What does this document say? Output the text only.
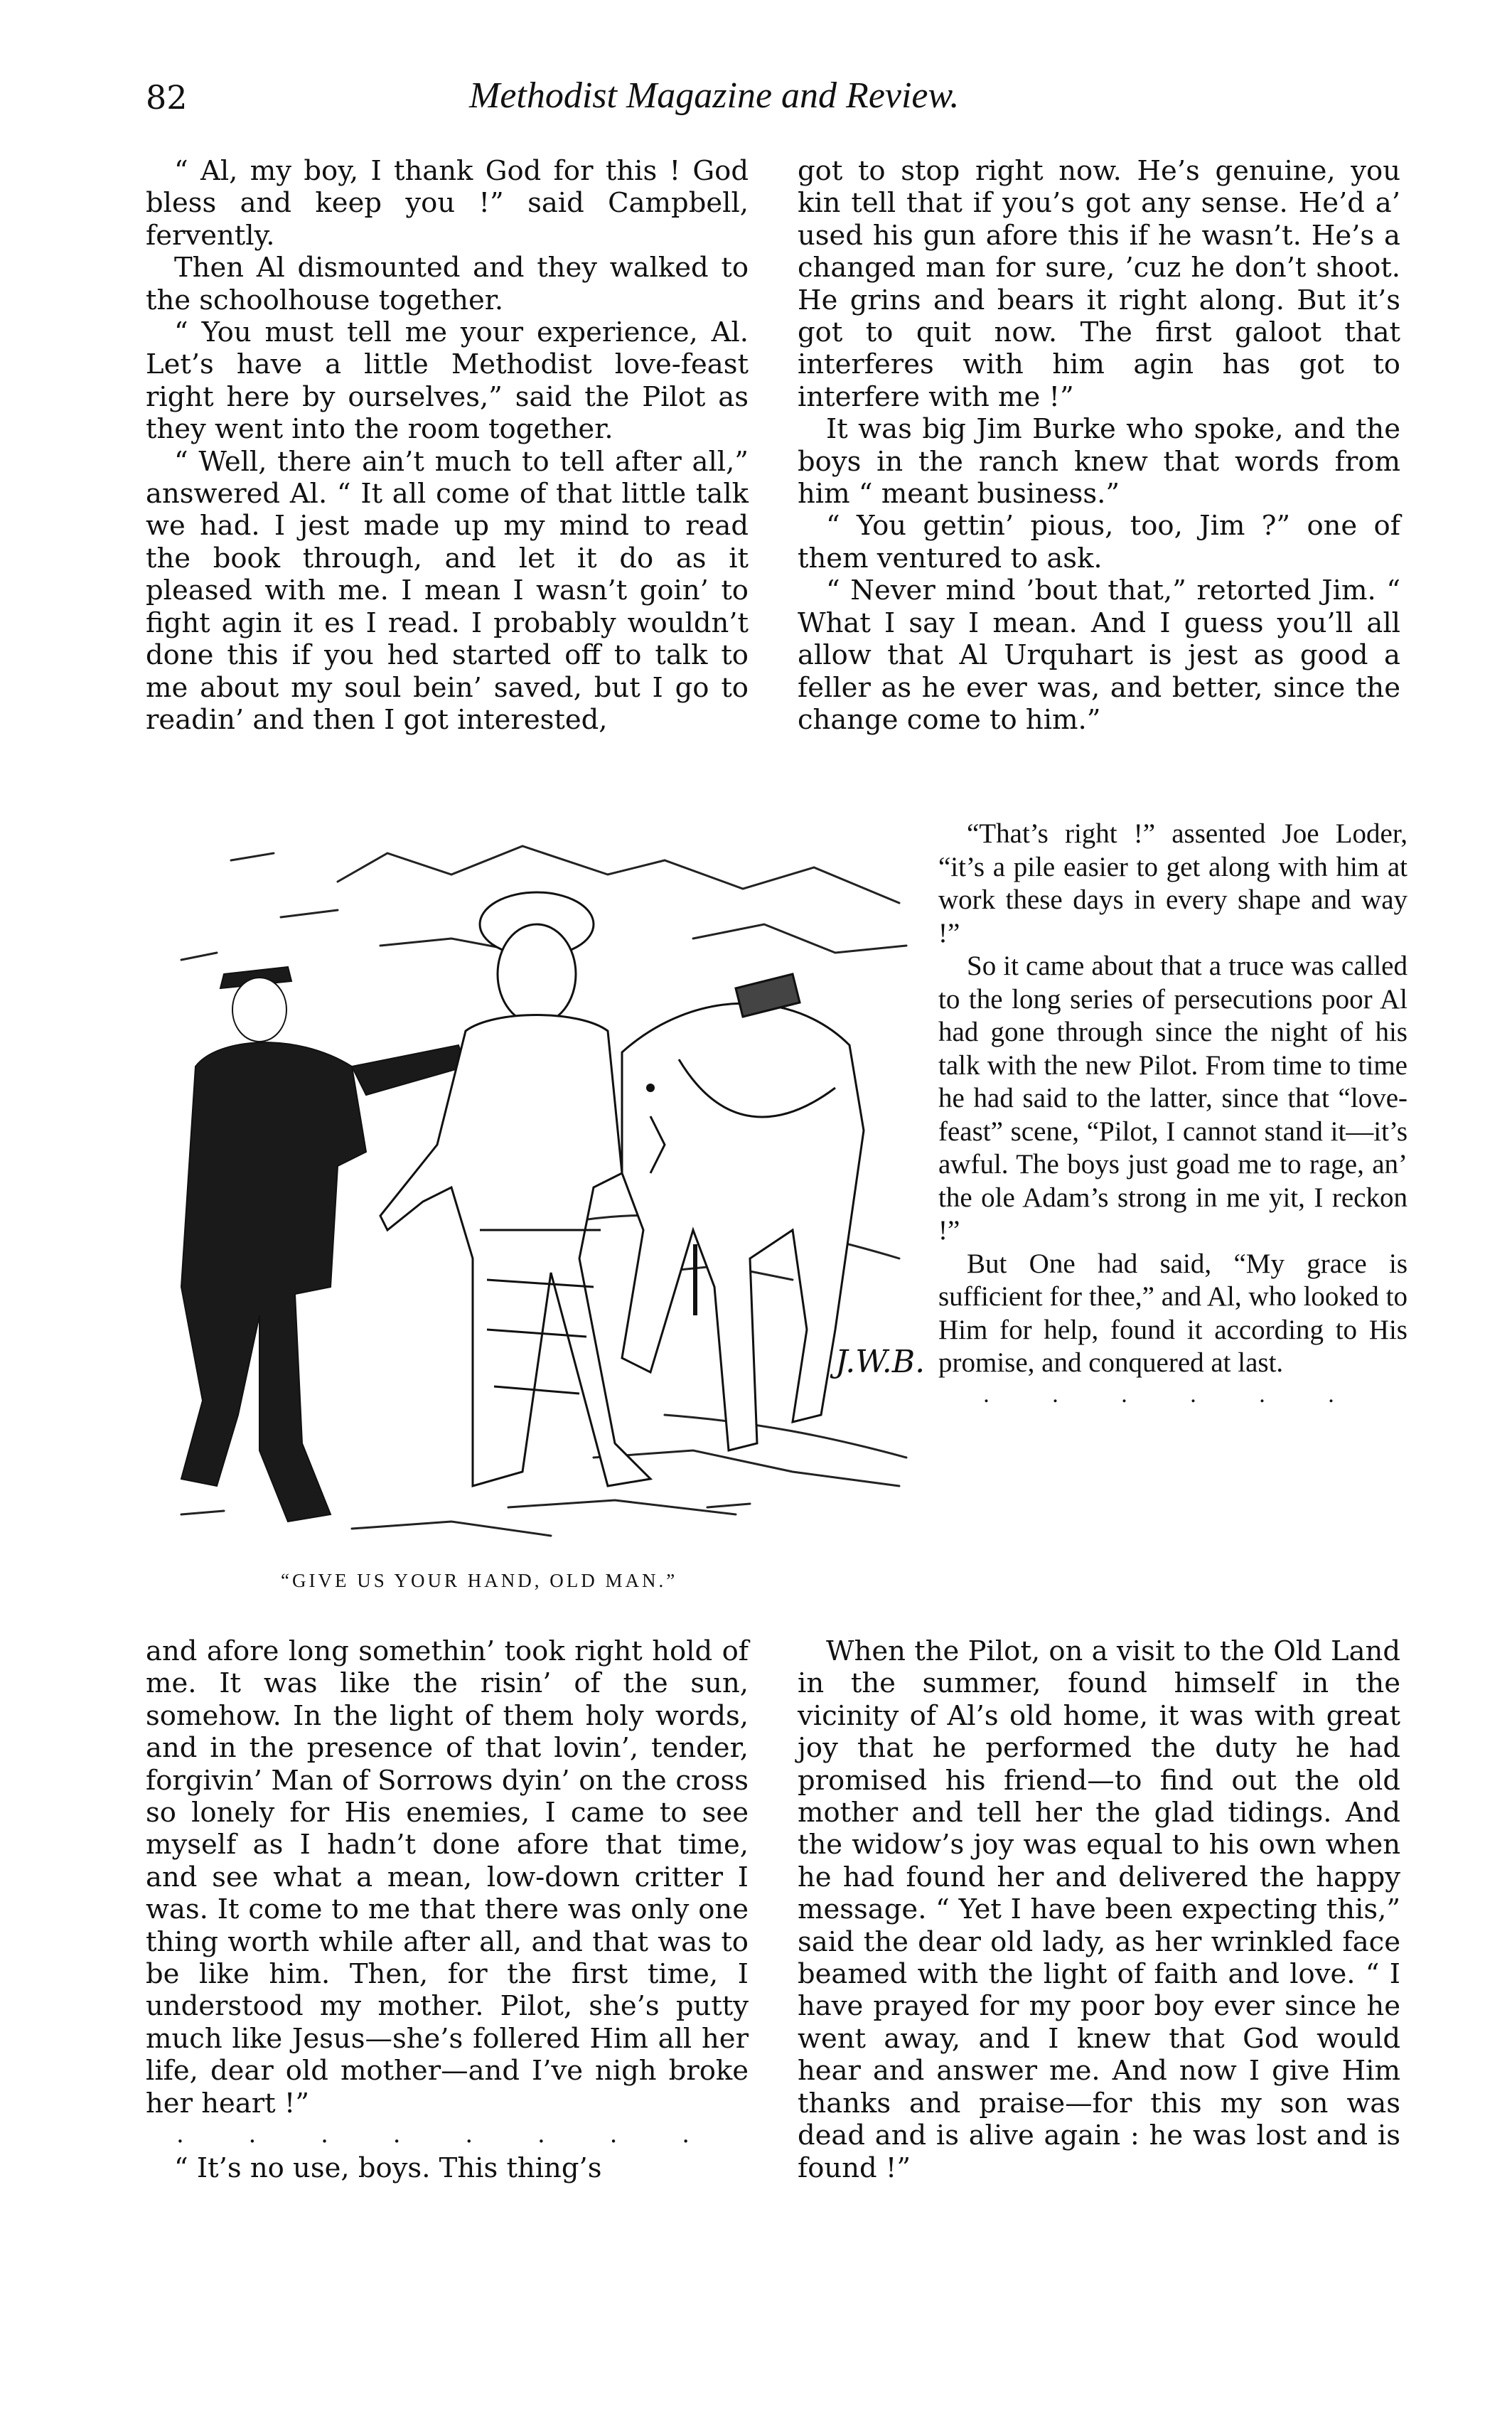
82	Methodist Magazine and Review.

“ Al, my boy, I thank God for this ! God bless and keep you !” said Campbell, fervently.

Then Al dismounted and they walked to the schoolhouse together.

“ You must tell me your experience, Al. Let’s have a little Methodist love-feast right here by ourselves,” said the Pilot as they went into the room together.

“ Well, there ain’t much to tell after all,” answered Al. “ It all come of that little talk we had. I jest made up my mind to read the book through, and let it do as it pleased with me. I mean I wasn’t goin’ to fight agin it es I read. I probably wouldn’t done this if you hed started off to talk to me about my soul bein’ saved, but I go to readin’ and then I got interested,

got to stop right now. He’s genuine, you kin tell that if you’s got any sense. He’d a’ used his gun afore this if he wasn’t. He’s a changed man for sure, ’cuz he don’t shoot. He grins and bears it right along. But it’s got to quit now. The first galoot that interferes with him agin has got to interfere with me !”

It was big Jim Burke who spoke, and the boys in the ranch knew that words from him “ meant business.”

“ You gettin’ pious, too, Jim ?” one of them ventured to ask.

“ Never mind ’bout that,” retorted Jim. “ What I say I mean. And I guess you’ll all allow that Al Urquhart is jest as good a feller as he ever was, and better, since the change come to him.”

J.W.B.
“GIVE US YOUR HAND, OLD MAN.”

“That’s right !” assented Joe Loder, “it’s a pile easier to get along with him at work these days in every shape and way !”

So it came about that a truce was called to the long series of persecutions poor Al had gone through since the night of his talk with the new Pilot. From time to time he had said to the latter, since that “love-feast” scene, “Pilot, I cannot stand it—it’s awful. The boys just goad me to rage, an’ the ole Adam’s strong in me yit, I reckon !”

But One had said, “My grace is sufficient for thee,” and Al, who looked to Him for help, found it according to His promise, and conquered at last.

. . . . . .

and afore long somethin’ took right hold of me. It was like the risin’ of the sun, somehow. In the light of them holy words, and in the presence of that lovin’, tender, forgivin’ Man of Sorrows dyin’ on the cross so lonely for His enemies, I came to see myself as I hadn’t done afore that time, and see what a mean, low-down critter I was. It come to me that there was only one thing worth while after all, and that was to be like him. Then, for the first time, I understood my mother. Pilot, she’s putty much like Jesus—she’s follered Him all her life, dear old mother—and I’ve nigh broke her heart !”

. . . . . . . .

“ It’s no use, boys. This thing’s

When the Pilot, on a visit to the Old Land in the summer, found himself in the vicinity of Al’s old home, it was with great joy that he performed the duty he had promised his friend—to find out the old mother and tell her the glad tidings. And the widow’s joy was equal to his own when he had found her and delivered the happy message. “ Yet I have been expecting this,” said the dear old lady, as her wrinkled face beamed with the light of faith and love. “ I have prayed for my poor boy ever since he went away, and I knew that God would hear and answer me. And now I give Him thanks and praise—for this my son was dead and is alive again : he was lost and is found !”
